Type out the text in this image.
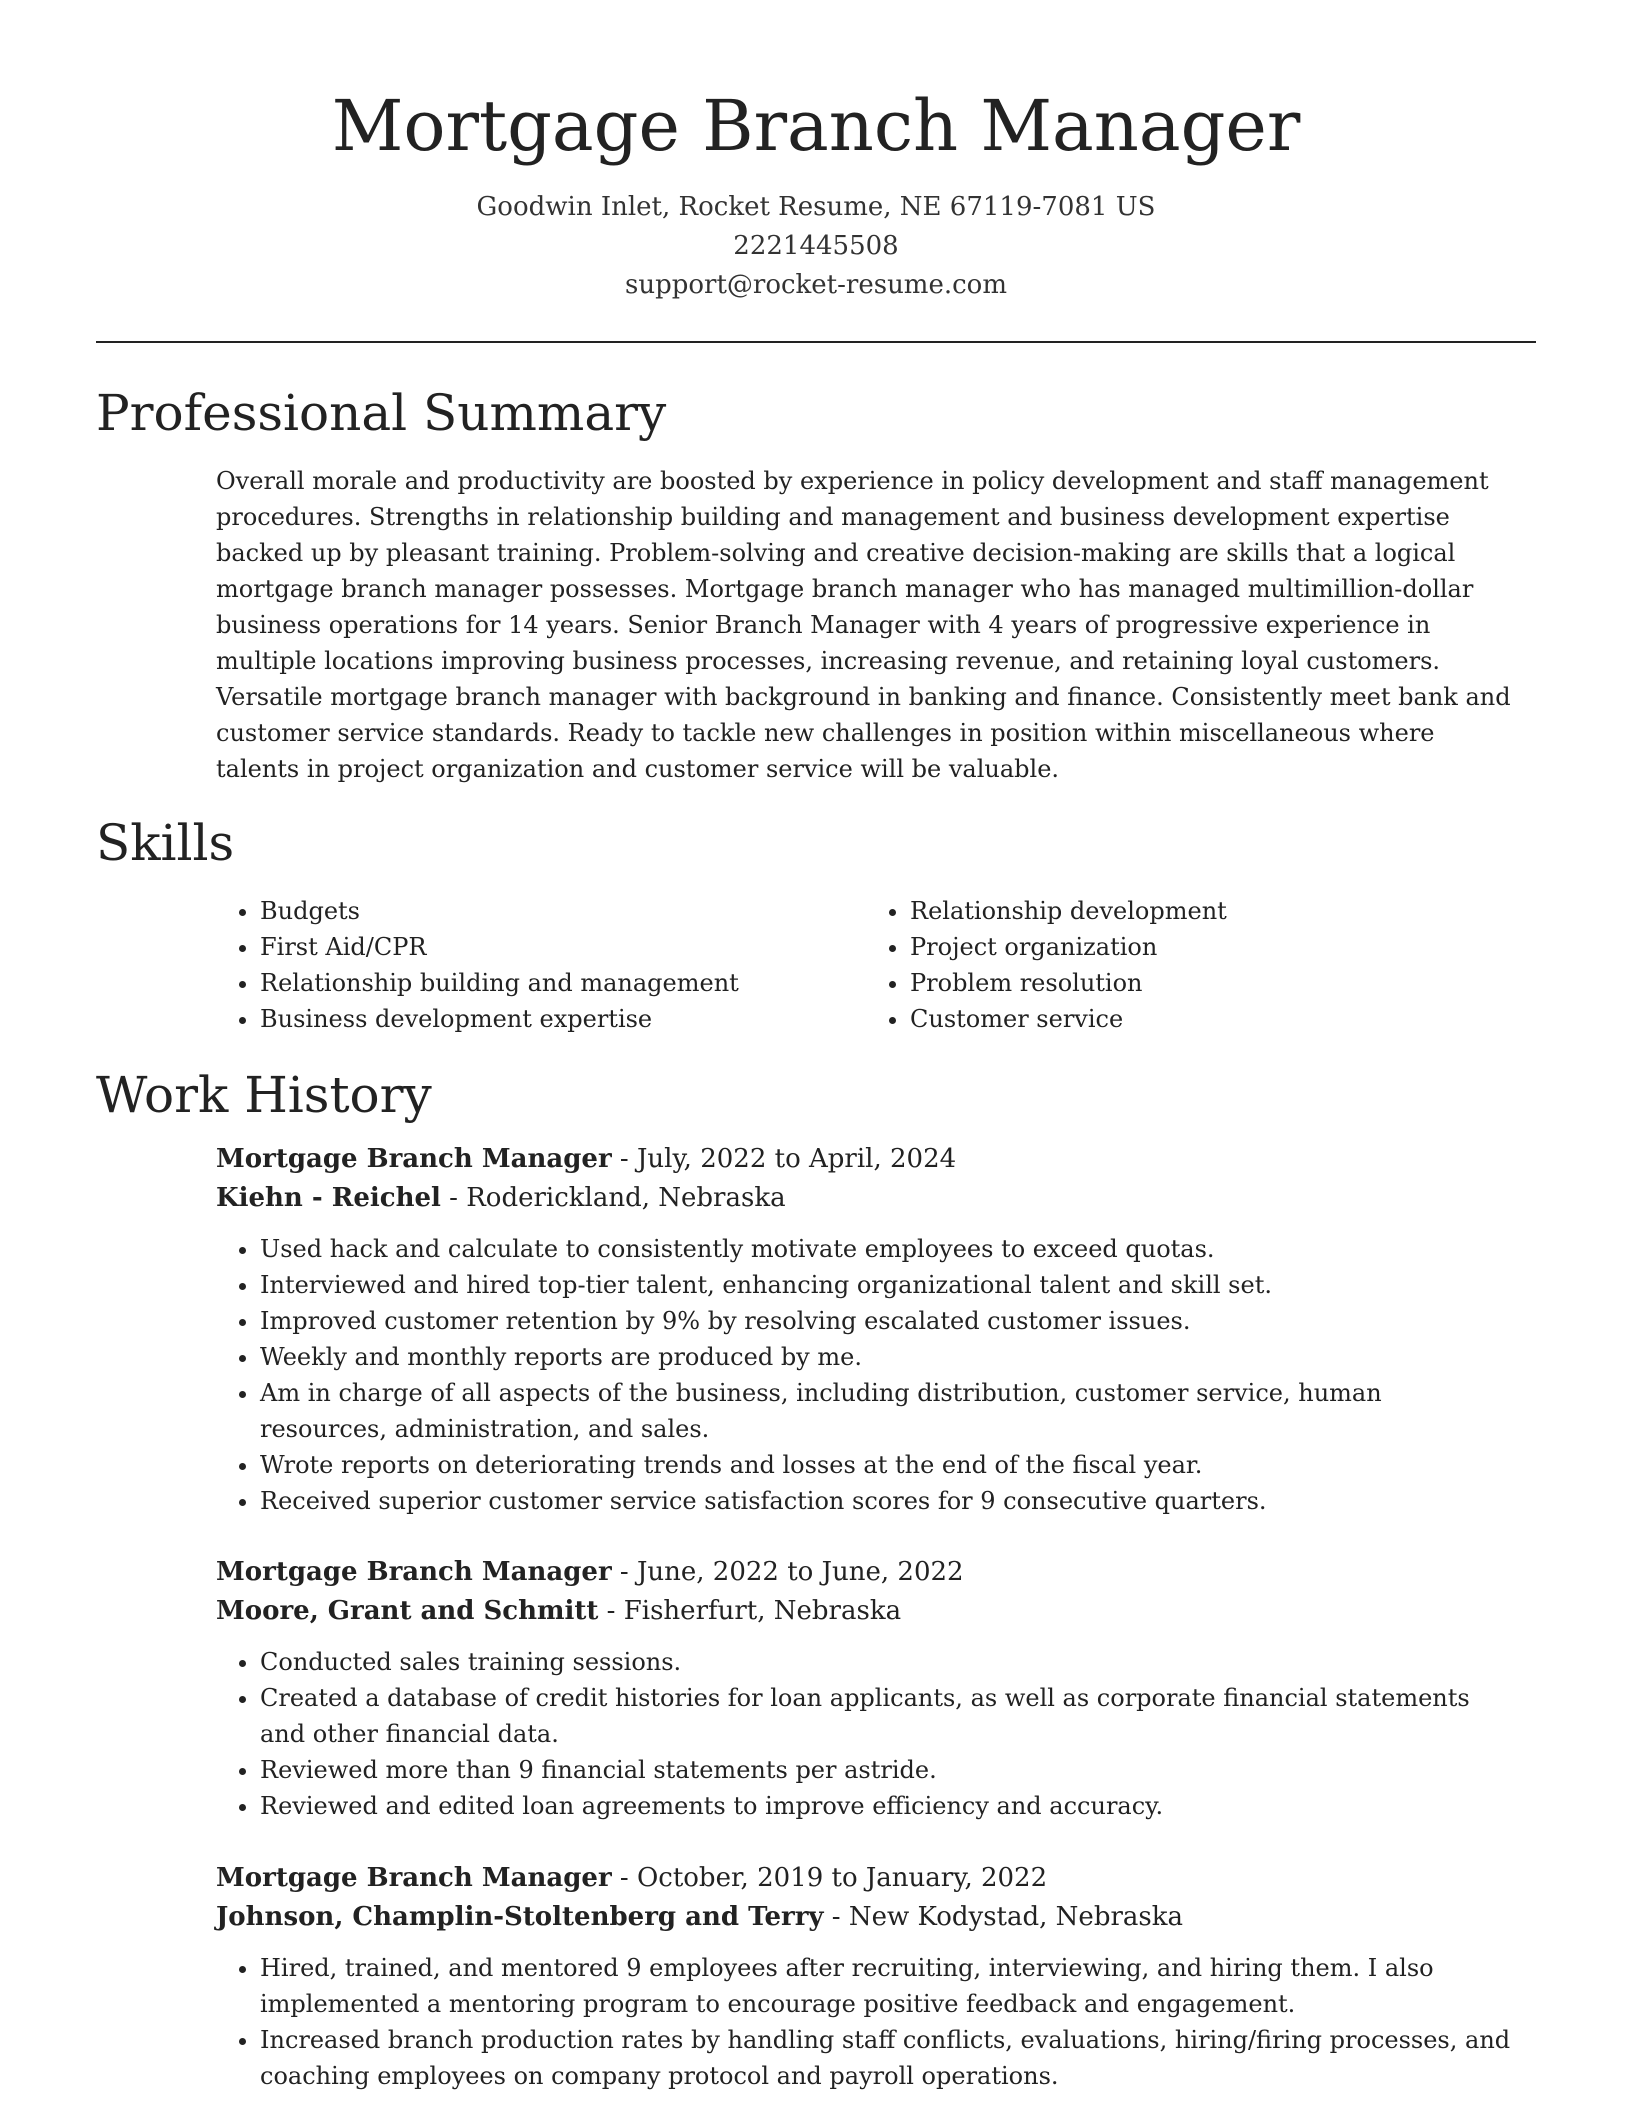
Mortgage Branch Manager
Goodwin Inlet, Rocket Resume, NE 67119-7081 US
2221445508
support@rocket-resume.com
Professional Summary

Overall morale and productivity are boosted by experience in policy development and staff management procedures. Strengths in relationship building and management and business development expertise backed up by pleasant training. Problem-solving and creative decision-making are skills that a logical mortgage branch manager possesses. Mortgage branch manager who has managed multimillion-dollar business operations for 14 years. Senior Branch Manager with 4 years of progressive experience in multiple locations improving business processes, increasing revenue, and retaining loyal customers. Versatile mortgage branch manager with background in banking and finance. Consistently meet bank and customer service standards. Ready to tackle new challenges in position within miscellaneous where talents in project organization and customer service will be valuable.

Skills
• Budgets
• First Aid/CPR
• Relationship building and management
• Business development expertise
• Relationship development
• Project organization
• Problem resolution
• Customer service
Work History
Mortgage Branch Manager - July, 2022 to April, 2024
Kiehn - Reichel - Roderickland, Nebraska
• Used hack and calculate to consistently motivate employees to exceed quotas.
• Interviewed and hired top-tier talent, enhancing organizational talent and skill set.
• Improved customer retention by 9% by resolving escalated customer issues.
• Weekly and monthly reports are produced by me.
• Am in charge of all aspects of the business, including distribution, customer service, human resources, administration, and sales.
• Wrote reports on deteriorating trends and losses at the end of the fiscal year.
• Received superior customer service satisfaction scores for 9 consecutive quarters.
Mortgage Branch Manager - June, 2022 to June, 2022
Moore, Grant and Schmitt - Fisherfurt, Nebraska
• Conducted sales training sessions.
• Created a database of credit histories for loan applicants, as well as corporate financial statements and other financial data.
• Reviewed more than 9 financial statements per astride.
• Reviewed and edited loan agreements to improve efficiency and accuracy.
Mortgage Branch Manager - October, 2019 to January, 2022
Johnson, Champlin-Stoltenberg and Terry - New Kodystad, Nebraska
• Hired, trained, and mentored 9 employees after recruiting, interviewing, and hiring them. I also implemented a mentoring program to encourage positive feedback and engagement.
• Increased branch production rates by handling staff conflicts, evaluations, hiring/firing processes, and coaching employees on company protocol and payroll operations.
